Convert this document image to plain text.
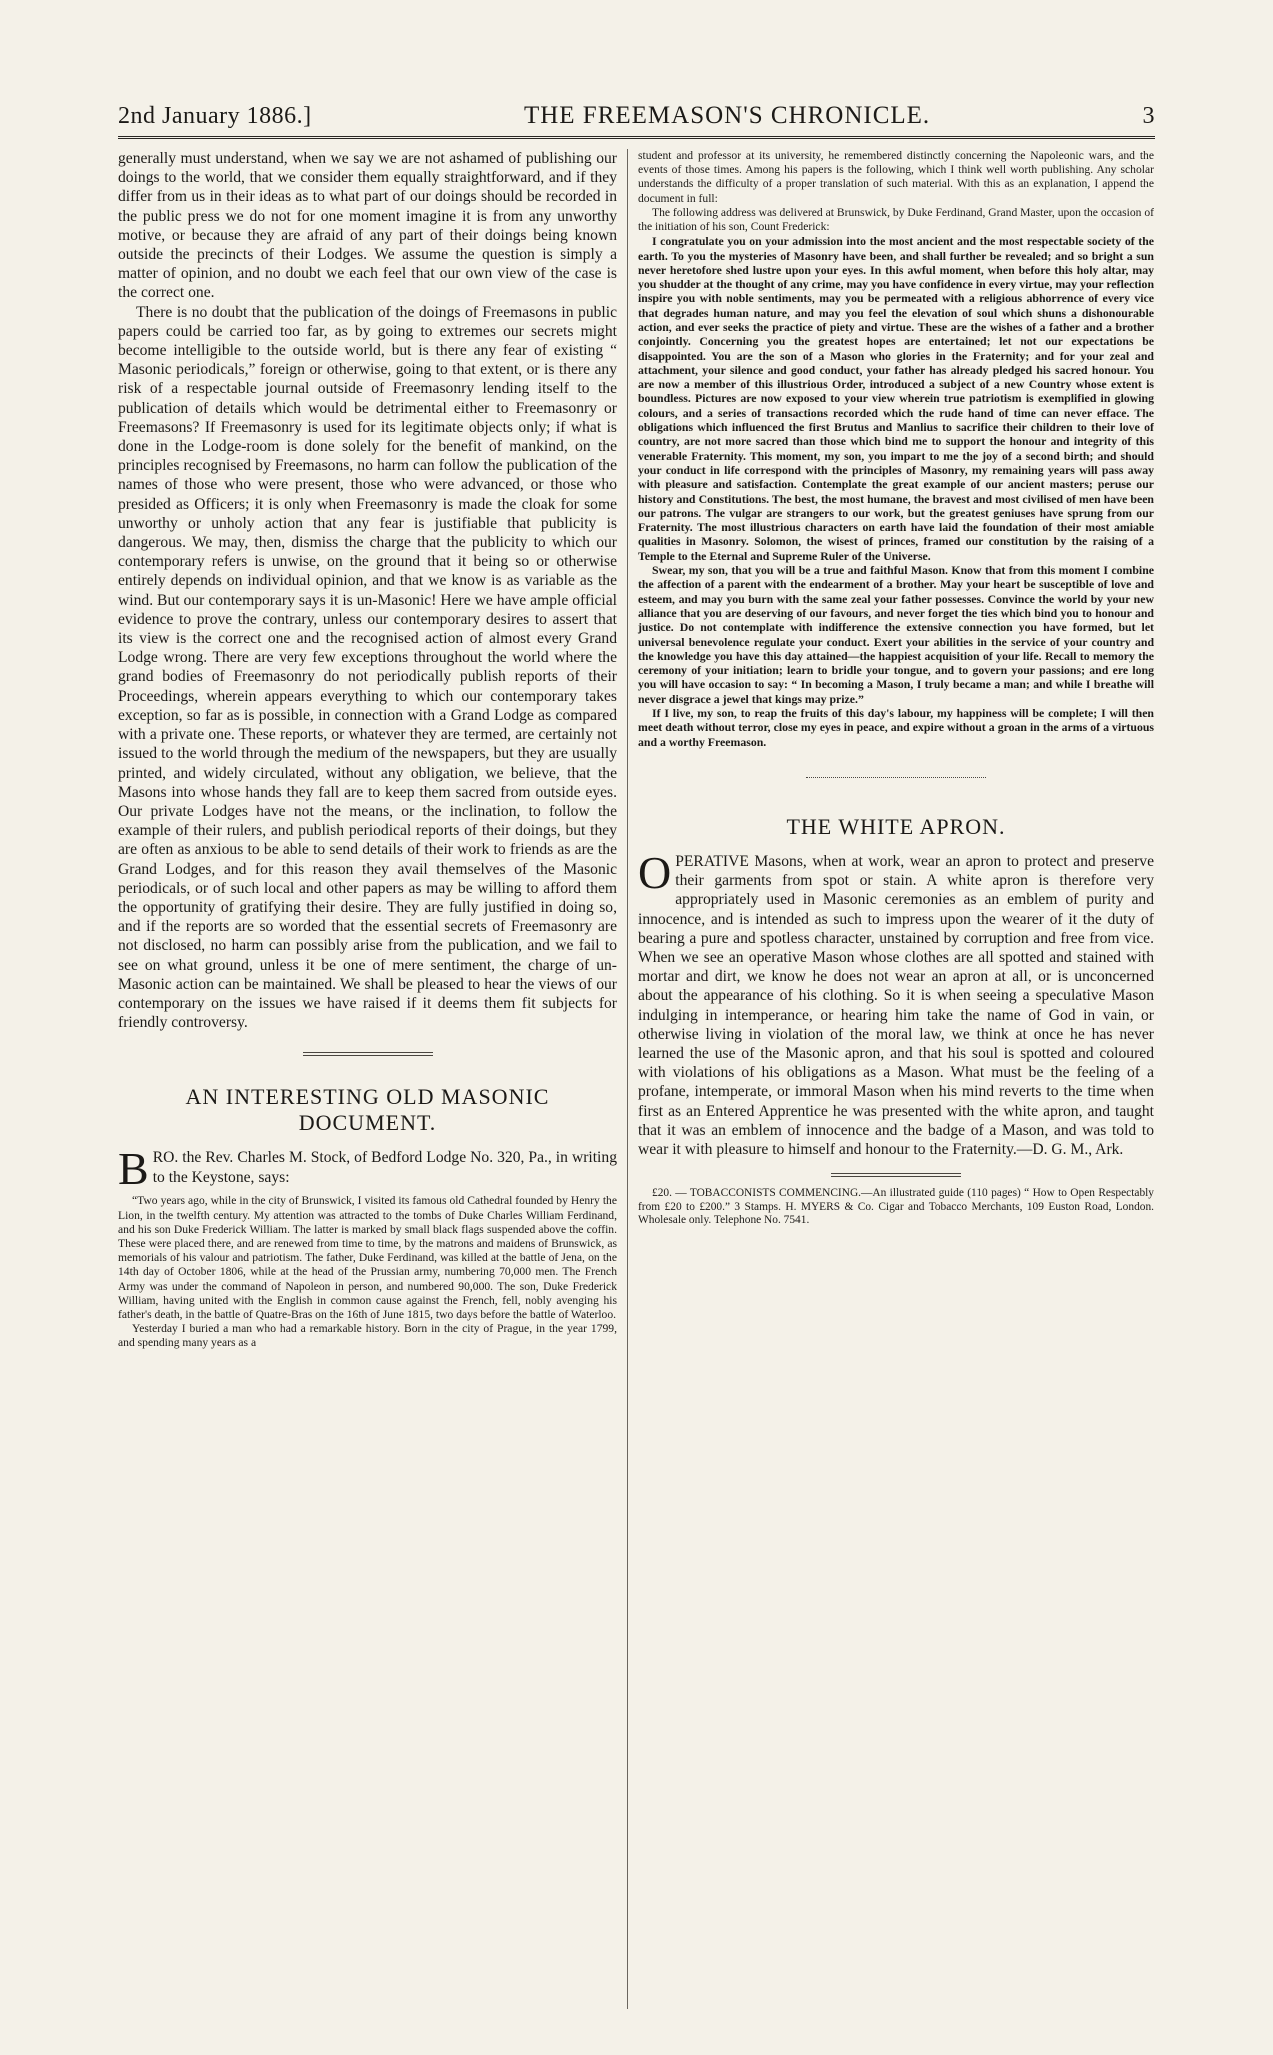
2nd January 1886.]	THE FREEMASON'S CHRONICLE.	3

generally must understand, when we say we are not ashamed of publishing our doings to the world, that we consider them equally straightforward, and if they differ from us in their ideas as to what part of our doings should be recorded in the public press we do not for one moment imagine it is from any unworthy motive, or because they are afraid of any part of their doings being known outside the precincts of their Lodges. We assume the question is simply a matter of opinion, and no doubt we each feel that our own view of the case is the correct one.

There is no doubt that the publication of the doings of Freemasons in public papers could be carried too far, as by going to extremes our secrets might become intelligible to the outside world, but is there any fear of existing “ Masonic periodicals,” foreign or otherwise, going to that extent, or is there any risk of a respectable journal outside of Freemasonry lending itself to the publication of details which would be detrimental either to Freemasonry or Freemasons? If Freemasonry is used for its legitimate objects only; if what is done in the Lodge-room is done solely for the benefit of mankind, on the principles recognised by Freemasons, no harm can follow the publication of the names of those who were present, those who were advanced, or those who presided as Officers; it is only when Freemasonry is made the cloak for some unworthy or unholy action that any fear is justifiable that publicity is dangerous. We may, then, dismiss the charge that the publicity to which our contemporary refers is unwise, on the ground that it being so or otherwise entirely depends on individual opinion, and that we know is as variable as the wind. But our contemporary says it is un-Masonic! Here we have ample official evidence to prove the contrary, unless our contemporary desires to assert that its view is the correct one and the recognised action of almost every Grand Lodge wrong. There are very few exceptions throughout the world where the grand bodies of Freemasonry do not periodically publish reports of their Proceedings, wherein appears everything to which our contemporary takes exception, so far as is possible, in connection with a Grand Lodge as compared with a private one. These reports, or whatever they are termed, are certainly not issued to the world through the medium of the newspapers, but they are usually printed, and widely circulated, without any obligation, we believe, that the Masons into whose hands they fall are to keep them sacred from outside eyes. Our private Lodges have not the means, or the inclination, to follow the example of their rulers, and publish periodical reports of their doings, but they are often as anxious to be able to send details of their work to friends as are the Grand Lodges, and for this reason they avail themselves of the Masonic periodicals, or of such local and other papers as may be willing to afford them the opportunity of gratifying their desire. They are fully justified in doing so, and if the reports are so worded that the essential secrets of Freemasonry are not disclosed, no harm can possibly arise from the publication, and we fail to see on what ground, unless it be one of mere sentiment, the charge of un-Masonic action can be maintained. We shall be pleased to hear the views of our contemporary on the issues we have raised if it deems them fit subjects for friendly controversy.

AN INTERESTING OLD MASONIC DOCUMENT.
B RO. the Rev. Charles M. Stock, of Bedford Lodge No. 320, Pa., in writing to the Keystone, says:

“Two years ago, while in the city of Brunswick, I visited its famous old Cathedral founded by Henry the Lion, in the twelfth century. My attention was attracted to the tombs of Duke Charles William Ferdinand, and his son Duke Frederick William. The latter is marked by small black flags suspended above the coffin. These were placed there, and are renewed from time to time, by the matrons and maidens of Brunswick, as memorials of his valour and patriotism. The father, Duke Ferdinand, was killed at the battle of Jena, on the 14th day of October 1806, while at the head of the Prussian army, numbering 70,000 men. The French Army was under the command of Napoleon in person, and numbered 90,000. The son, Duke Frederick William, having united with the English in common cause against the French, fell, nobly avenging his father's death, in the battle of Quatre-Bras on the 16th of June 1815, two days before the battle of Waterloo.

Yesterday I buried a man who had a remarkable history. Born in the city of Prague, in the year 1799, and spending many years as a

student and professor at its university, he remembered distinctly concerning the Napoleonic wars, and the events of those times. Among his papers is the following, which I think well worth publishing. Any scholar understands the difficulty of a proper translation of such material. With this as an explanation, I append the document in full:

The following address was delivered at Brunswick, by Duke Ferdinand, Grand Master, upon the occasion of the initiation of his son, Count Frederick:

I congratulate you on your admission into the most ancient and the most respectable society of the earth. To you the mysteries of Masonry have been, and shall further be revealed; and so bright a sun never heretofore shed lustre upon your eyes. In this awful moment, when before this holy altar, may you shudder at the thought of any crime, may you have confidence in every virtue, may your reflection inspire you with noble sentiments, may you be permeated with a religious abhorrence of every vice that degrades human nature, and may you feel the elevation of soul which shuns a dishonourable action, and ever seeks the practice of piety and virtue. These are the wishes of a father and a brother conjointly. Concerning you the greatest hopes are entertained; let not our expectations be disappointed. You are the son of a Mason who glories in the Fraternity; and for your zeal and attachment, your silence and good conduct, your father has already pledged his sacred honour. You are now a member of this illustrious Order, introduced a subject of a new Country whose extent is boundless. Pictures are now exposed to your view wherein true patriotism is exemplified in glowing colours, and a series of transactions recorded which the rude hand of time can never efface. The obligations which influenced the first Brutus and Manlius to sacrifice their children to their love of country, are not more sacred than those which bind me to support the honour and integrity of this venerable Fraternity. This moment, my son, you impart to me the joy of a second birth; and should your conduct in life correspond with the principles of Masonry, my remaining years will pass away with pleasure and satisfaction. Contemplate the great example of our ancient masters; peruse our history and Constitutions. The best, the most humane, the bravest and most civilised of men have been our patrons. The vulgar are strangers to our work, but the greatest geniuses have sprung from our Fraternity. The most illustrious characters on earth have laid the foundation of their most amiable qualities in Masonry. Solomon, the wisest of princes, framed our constitution by the raising of a Temple to the Eternal and Supreme Ruler of the Universe.

Swear, my son, that you will be a true and faithful Mason. Know that from this moment I combine the affection of a parent with the endearment of a brother. May your heart be susceptible of love and esteem, and may you burn with the same zeal your father possesses. Convince the world by your new alliance that you are deserving of our favours, and never forget the ties which bind you to honour and justice. Do not contemplate with indifference the extensive connection you have formed, but let universal benevolence regulate your conduct. Exert your abilities in the service of your country and the knowledge you have this day attained—the happiest acquisition of your life. Recall to memory the ceremony of your initiation; learn to bridle your tongue, and to govern your passions; and ere long you will have occasion to say: “ In becoming a Mason, I truly became a man; and while I breathe will never disgrace a jewel that kings may prize.”

If I live, my son, to reap the fruits of this day's labour, my happiness will be complete; I will then meet death without terror, close my eyes in peace, and expire without a groan in the arms of a virtuous and a worthy Freemason.

THE WHITE APRON.
O PERATIVE Masons, when at work, wear an apron to protect and preserve their garments from spot or stain. A white apron is therefore very appropriately used in Masonic ceremonies as an emblem of purity and innocence, and is intended as such to impress upon the wearer of it the duty of bearing a pure and spotless character, unstained by corruption and free from vice. When we see an operative Mason whose clothes are all spotted and stained with mortar and dirt, we know he does not wear an apron at all, or is unconcerned about the appearance of his clothing. So it is when seeing a speculative Mason indulging in intemperance, or hearing him take the name of God in vain, or otherwise living in violation of the moral law, we think at once he has never learned the use of the Masonic apron, and that his soul is spotted and coloured with violations of his obligations as a Mason. What must be the feeling of a profane, intemperate, or immoral Mason when his mind reverts to the time when first as an Entered Apprentice he was presented with the white apron, and taught that it was an emblem of innocence and the badge of a Mason, and was told to wear it with pleasure to himself and honour to the Fraternity.—D. G. M., Ark.

£20. — TOBACCONISTS COMMENCING.—An illustrated guide (110 pages) “ How to Open Respectably from £20 to £200.” 3 Stamps. H. MYERS & Co. Cigar and Tobacco Merchants, 109 Euston Road, London. Wholesale only. Telephone No. 7541.
